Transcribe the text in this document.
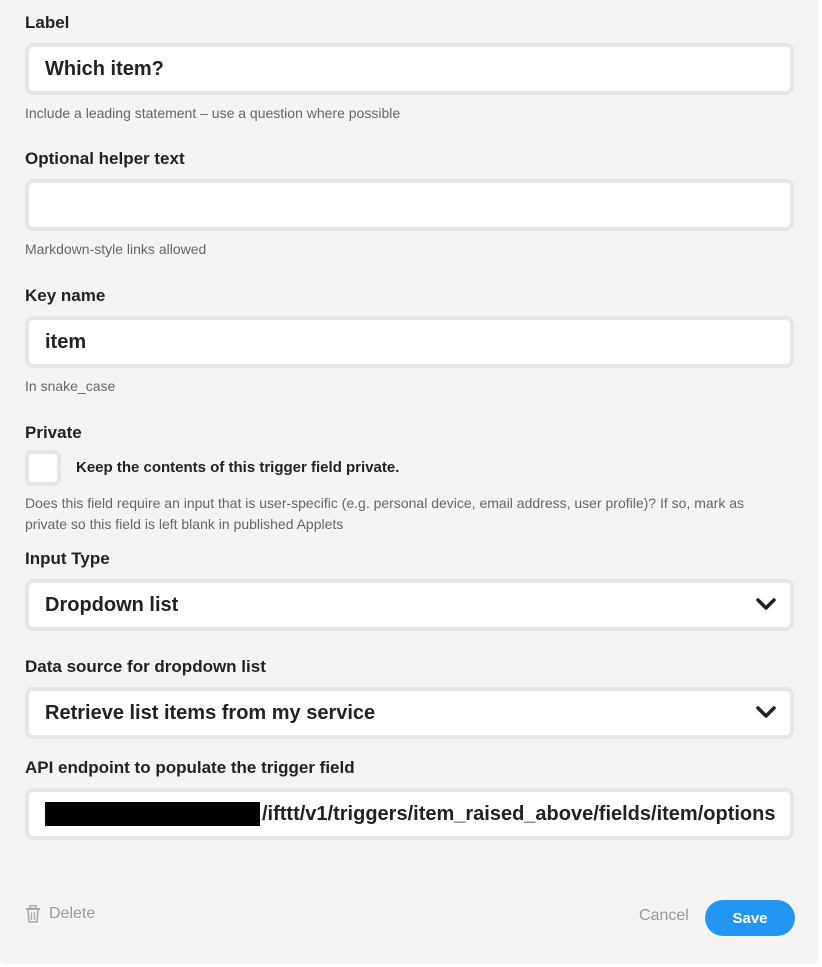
Label
Which item?
Include a leading statement – use a question where possible
Optional helper text
Markdown-style links allowed
Key name
item
In snake_case
Private
Keep the contents of this trigger field private.
Does this field require an input that is user-specific (e.g. personal device, email address, user profile)? If so, mark as private so this field is left blank in published Applets
Input Type
Dropdown list
Data source for dropdown list
Retrieve list items from my service
API endpoint to populate the trigger field
/ifttt/v1/triggers/item_raised_above/fields/item/options
Delete	Cancel	Save
